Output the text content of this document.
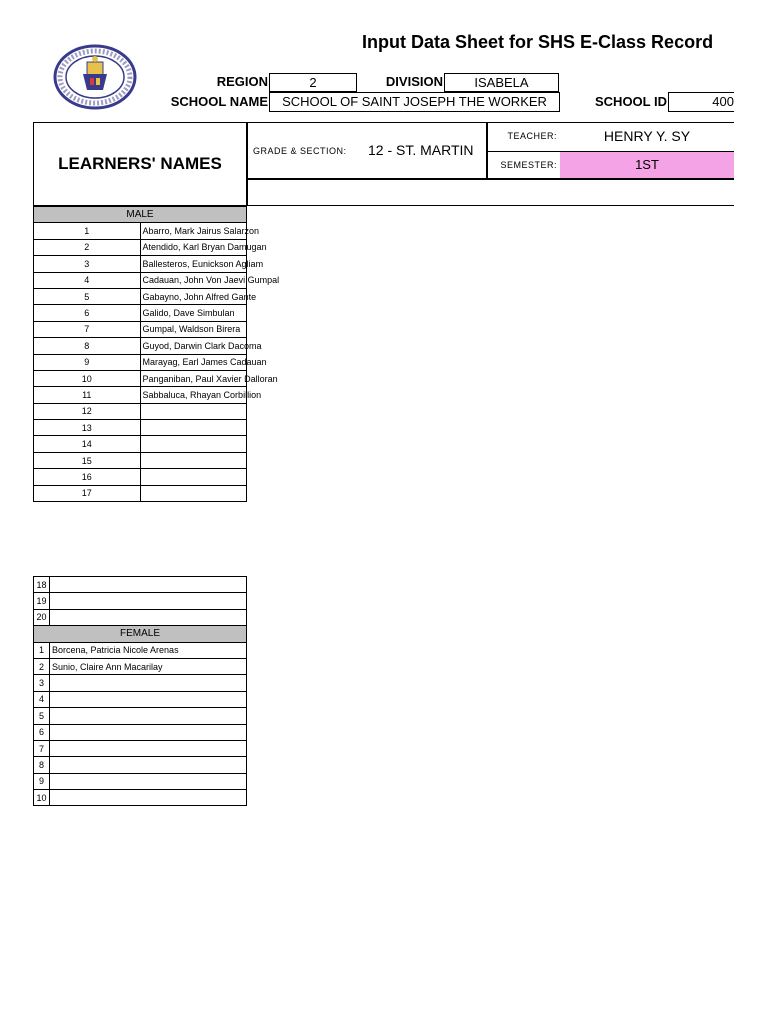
Input Data Sheet for SHS E-Class Record
REGION	2	DIVISION	ISABELA
SCHOOL NAME	SCHOOL OF SAINT JOSEPH THE WORKER	SCHOOL ID	400
LEARNERS' NAMES
GRADE & SECTION: 12 - ST. MARTIN
TEACHER:	HENRY Y. SY
SEMESTER:	1ST
MALE	
1	Abarro, Mark Jairus Salarzon
2	Atendido, Karl Bryan Damugan
3	Ballesteros, Eunickson Agliam
4	Cadauan, John Von Jaevi Gumpal
5	Gabayno, John Alfred Gante
6	Galido, Dave Simbulan
7	Gumpal, Waldson Birera
8	Guyod, Darwin Clark Dacoma
9	Marayag, Earl James Cadauan
10	Panganiban, Paul Xavier Dalloran
11	Sabbaluca, Rhayan Corbillion
12	
13	
14	
15	
16	
17	
18	
19	
20	
FEMALE	
1	Borcena, Patricia Nicole Arenas
2	Sunio, Claire Ann Macarilay
3	
4	
5	
6	
7	
8	
9	
10	
